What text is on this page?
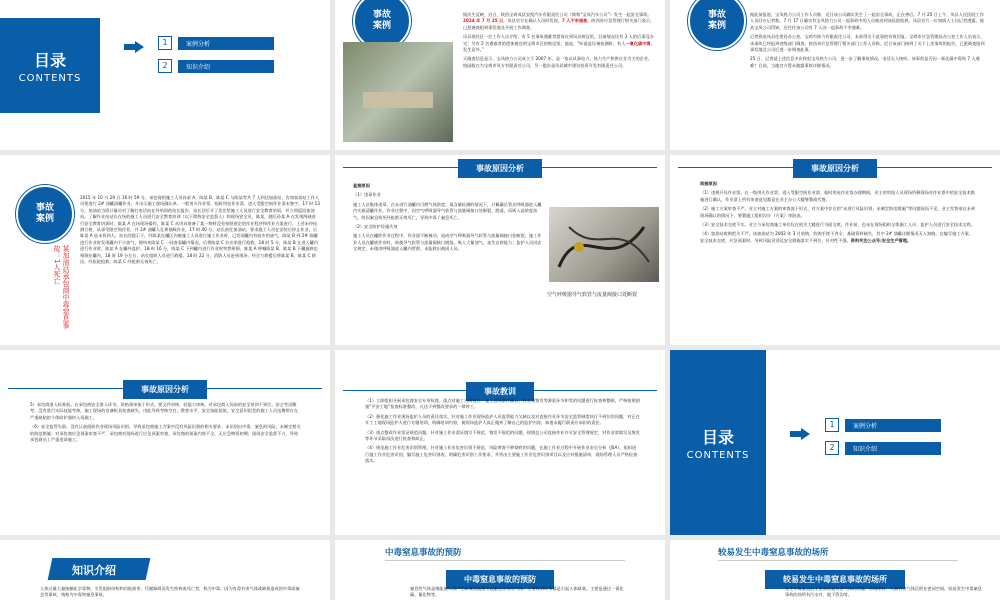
目录
CONTENTS
1	案例分析
2	知识介绍
事故
案例

据民生反映，近日，陕西宝鸡凤县安凯汽车有限责任公司（简称“宝凤汽车公司”）发生一起安全事故。2024 年 7 月 25 日，凤县官方在确认人员时发现，7 人不幸遇难。陕西省应急管理厅相关部门表示，已派调查组到事发地及开展工作调查。

凤县现任区一位工作人员介绍，有 5 名事故遇难者遗体在到凤县殡仪馆，目前情况还有 3 人的后事没办完；另有 2 名遇难者的遗体被送到宝鸡市区的殡仪馆。他说，“听说是设备检测时，有人一氧化碳中毒，发生意外。”

天眼查信息显示，宝凤热力公司成立于 2007 年，是一家以从事电力、热力生产和供应业为主的企业。校园服在为宝鸡市凤方有限责任公司，另一股东是凤县城市建设投资开发有限责任公司。

事故
案例

据此前报道，宝凤热力公司工作人员称，近日该公司确实发生了一起安全事故，正在善后。7 月 25 日上午，凤县人民医院工作人员回应记者称，7 月 17 日确实有宝凤热力公司一起事故中的人员被送到该医院抢救。凤县官方一位知情人士问记者透露，他从宝凤公司得知，还往往该公司有 7 人因一起事故不幸遇难。

记者致电凤县住建局办公室，宝鸡市热力有限责任公司，未获得关于此事的有效回复。宝鸡市应急管理局办公室工作人员表示，该事故已经报到省级部门调查。陕西省应急管理厅相关部门工作人员称，近日该部门接到了关于上述事故的报告，已派调查组到事发地及公司后进一步调查此事。

25 日，记者就上述信息多次致电宝凤热力公司，进一步了解事故情况，电话无人接听。该事故是否因一氧化碳中毒致 7 人遇难？目前，当地官方暂未披露事故详细情况。

事故
案例
某加油站承包商中毒窒息事故：1人死亡
2015 年 10 月 29 日 16 时 59 分，承包商的施工人员孙某 A、陈某 B、陈某 C 与陈某等共 7 人到达加油站，告知加油站工作人员要进行 2# 油罐清罐作业，并出示施工现场确认单。一般用火作业票、临时用电作业票。进入受限空间作业票未签字。17 时 13 分，加油站当班计量员对了解打电话向在外培训的站长报告，站长回后开了奖先给施工人员进行安全教育培训，并立即返回加油站。了解作业站站长在场的施工人员进行安全教育培训（以下简称安全监督人）和现场安全员，陈某，随后孙某 A 在发现两缺进行安全教育培训时，陈某 A 在场现场操作，陈某 C 从用具准备了某一物料没有按照规定的作业程序和作业方案进行，上述未经检测合格，从事受限空间作业，并 2# 油罐人孔和抽吸作业，17 时 40 分，站长前往加油站，要求施工人员在安装后停止作业，后陈某 A 说未找到人，站长的提示下，经陈某在罐区内被施工人员进行施工作业时，已发现罐内有较多的油气，陈某 B 到 2# 油罐进行作业时发现罐内不少油气，便叫来陈某 C 一同查看罐内情况，后将陈某 C 拉出来进行抢救，18 时 5 分，陈某 B 在进入罐内进行作业时，陈某 A 在罐外监护。18 时 16 分，陈某 C 下到罐内进行作业时突然晕倒，陈某 A 呼喊陈某 B，陈某 B 下罐施救也晕倒在罐内，18 时 19 分左右，站长组织人员进行救援。18 时 22 分，消防人员赶到现场，经全力救援后将陈某 B、陈某 C 救出，经医院抢救，陈某 C 经抢救无效死亡。
事故原因分析

直接原因

（1）违章作业

施工人员集体违章，在未进行油罐内可燃气体浓度、氧含量检测的情况下，只佩戴长管式呼吸器进入罐内实施清罐作业，作业过程中，因空气呼吸器导气软管与流量阀接口处断裂、脱落，而吸入高浓度油气，终因窒息致死经抢救无效死亡，导致中毒 / 窒息死亡。

（2）安全防护设施失效

施工人员在罐底作业过程中，作业面不断被动，造成空气呼吸器导气软管与流量阀接口处断裂，施工作业人员在罐底作业时，致使导气软管与流量阀接口脱落，吸入大量油气，丧失自救能力；监护人员因安全规定，未使用呼吸器进入罐内营救，未能救出被困人员。

空气呼吸器导气软管与流量阀接口处断裂
事故原因分析

间接原因

（1）违规开具作业票。在一级用火作业票、进入受限空间作业票、临时用电作业票办理期间，业主的审批人员现场所剩现场对作业票中的安全技术措施进行确认，作业票上所有审查意见都是在业主办公大楼签署或代签。

（2）施工方案审查不严。业主对施工方案的审查流于形式，对方案中存在的“未进行风险识别、未制定防范措施”等问题视而不见，业主零售部在未到现场确认的情况下，签署施工组织设计（方案）审批表。

（3）安全技术交底不实。业主与承包商施工单位仅在机关大楼进行书面交底，作业前，也未在现场组织全体施工人员、监护人员进行安全技术交底。

（4）加油站收购把关不严。该加油站为 2002 年 3 月收购，收购手续不齐全、基础资料缺失，其中 2# 油罐详细情况无人知晓，在编写施工方案、安全技术交底、应急预案时，导致风险识别及安全措施落实不到位，针对性不强。资料关注公众号:安全生产管理。

事故原因分析

5）承包商准入标准低。在承包商安全准入环节，资格预审流于形式，要文件审核，轻能力审核，对承包商入场前的安全培训不到位，安全考试敷考，没有进行实际技能考核，施工现场的设备机具检查缺失，由此导致考核空白，教育水平、安全技能很低，安全意识很差的施工人员伍携带存在严重缺陷的个体防护器材入场施工。

（6）安全监管失职。没有认真组织作业现场风险识别，导致承包商施工方案中没有风险识别的相关要求；未识别出中毒、窒息的风险，未制定相关的防范措施；对承包商应急预案审查不严，承包商对现场进行应急预案审查，承包商的预案内容不全，无应急物资初期；现场安全监督不力，导致承包商员工严重违章施工。

事故教训

（1）立即组织开展承包商安全专项检查。重点对施工合同签订、施工进场条件确认、作业票签发等源延环节和受的问题进行检查和整顿，严格按照创建“平安工地”检查标准整改，凡达不到整改要求的一律停工。

（2）强化施工作业现场监护人员的责任落实。针对施工作业现场监护人员监管能力欠缺以及对直接作业环节安全监管制度执行不到位的问题，对正在开工工地现场监护人进行专题培训，明确培训内容，使现场监护人真正做到了解自己的监护内容，知道未履行职责应承担的责任。

（3）重点整改作业票证规范问题。针对施工作业票证填写不规范、签发不规范的问题，按照总公司直接作业许可安全管理规定，对作业票填写及签发等环节采取再次进行检查和纠正。

（4）规范施工作业危害识别管理。针对施工作业危害识别不规范、风险辨查不够彻底的问题，在施工作业过程中开展作业安全分析（JSA），组织进行施工作业危害识别，编写施工危害识别表，明确危害识别工作要求，并列出主要施工作业危害识别项目以及应对措施清单，现场管理人员严格检查落实。

目录
CONTENTS
1	案例分析
2	知识介绍
知识介绍
人体过量大量接触化学毒物，引发组织结构和功能损害、代谢障碍而发生疾病或死亡者，称为中毒。因为有毒有害气体或缺氧造成的中毒或窒息等事故，统称为中毒和窒息事故。
中毒窒息事故的预防
中毒窒息事故的预防
窒息性气体是指能使人体产生缺氧而直接引起窒息作用的气体。主要致病环节都是引起人体缺氧。主要是通过一氧化碳、氰化物等。
较易发生中毒窒息事故的场所
较易发生中毒窒息事故的场所
发生中毒窒息的主要原因是有害气体的泄漏、管线串料、大量有害气体沉积在密闭空间，较易发生中毒窒息事故的场所有污水井、地下管沟等。
